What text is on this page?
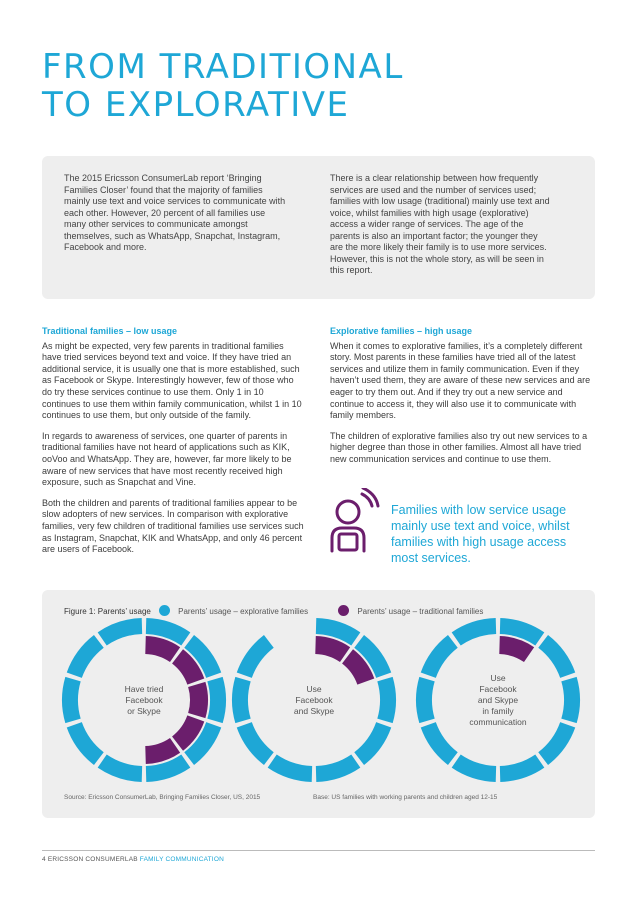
FROM TRADITIONAL
TO EXPLORATIVE
The 2015 Ericsson ConsumerLab report ‘Bringing Families Closer’ found that the majority of families mainly use text and voice services to communicate with each other. However, 20 percent of all families use many other services to communicate amongst themselves, such as WhatsApp, Snapchat, Instagram, Facebook and more.
There is a clear relationship between how frequently services are used and the number of services used; families with low usage (traditional) mainly use text and voice, whilst families with high usage (explorative) access a wider range of services. The age of the parents is also an important factor; the younger they are the more likely their family is to use more services. However, this is not the whole story, as will be seen in this report.
Traditional families – low usage

As might be expected, very few parents in traditional families have tried services beyond text and voice. If they have tried an additional service, it is usually one that is more established, such as Facebook or Skype. Interestingly however, few of those who do try these services continue to use them. Only 1 in 10 continues to use them within family communication, whilst 1 in 10 continues to use them, but only outside of the family.

In regards to awareness of services, one quarter of parents in traditional families have not heard of applications such as KIK, ooVoo and WhatsApp. They are, however, far more likely to be aware of new services that have most recently received high exposure, such as Snapchat and Vine.

Both the children and parents of traditional families appear to be slow adopters of new services. In comparison with explorative families, very few children of traditional families use services such as Instagram, Snapchat, KIK and WhatsApp, and only 46 percent are users of Facebook.

Explorative families – high usage

When it comes to explorative families, it’s a completely different story. Most parents in these families have tried all of the latest services and utilize them in family communication. Even if they haven’t used them, they are aware of these new services and are eager to try them out. And if they try out a new service and continue to access it, they will also use it to communicate with family members.

The children of explorative families also try out new services to a higher degree than those in other families. Almost all have tried new communication services and continue to use them.

Families with low service usage mainly use text and voice, whilst families with high usage access most services.
Figure 1: Parents’ usage	Parents’ usage – explorative families	Parents’ usage – traditional families
Have tried
Facebook
or Skype
Use
Facebook
and Skype
Use
Facebook
and Skype
in family
communication
Source: Ericsson ConsumerLab, Bringing Families Closer, US, 2015	Base: US families with working parents and children aged 12-15
4 ERICSSON CONSUMERLAB FAMILY COMMUNICATION
